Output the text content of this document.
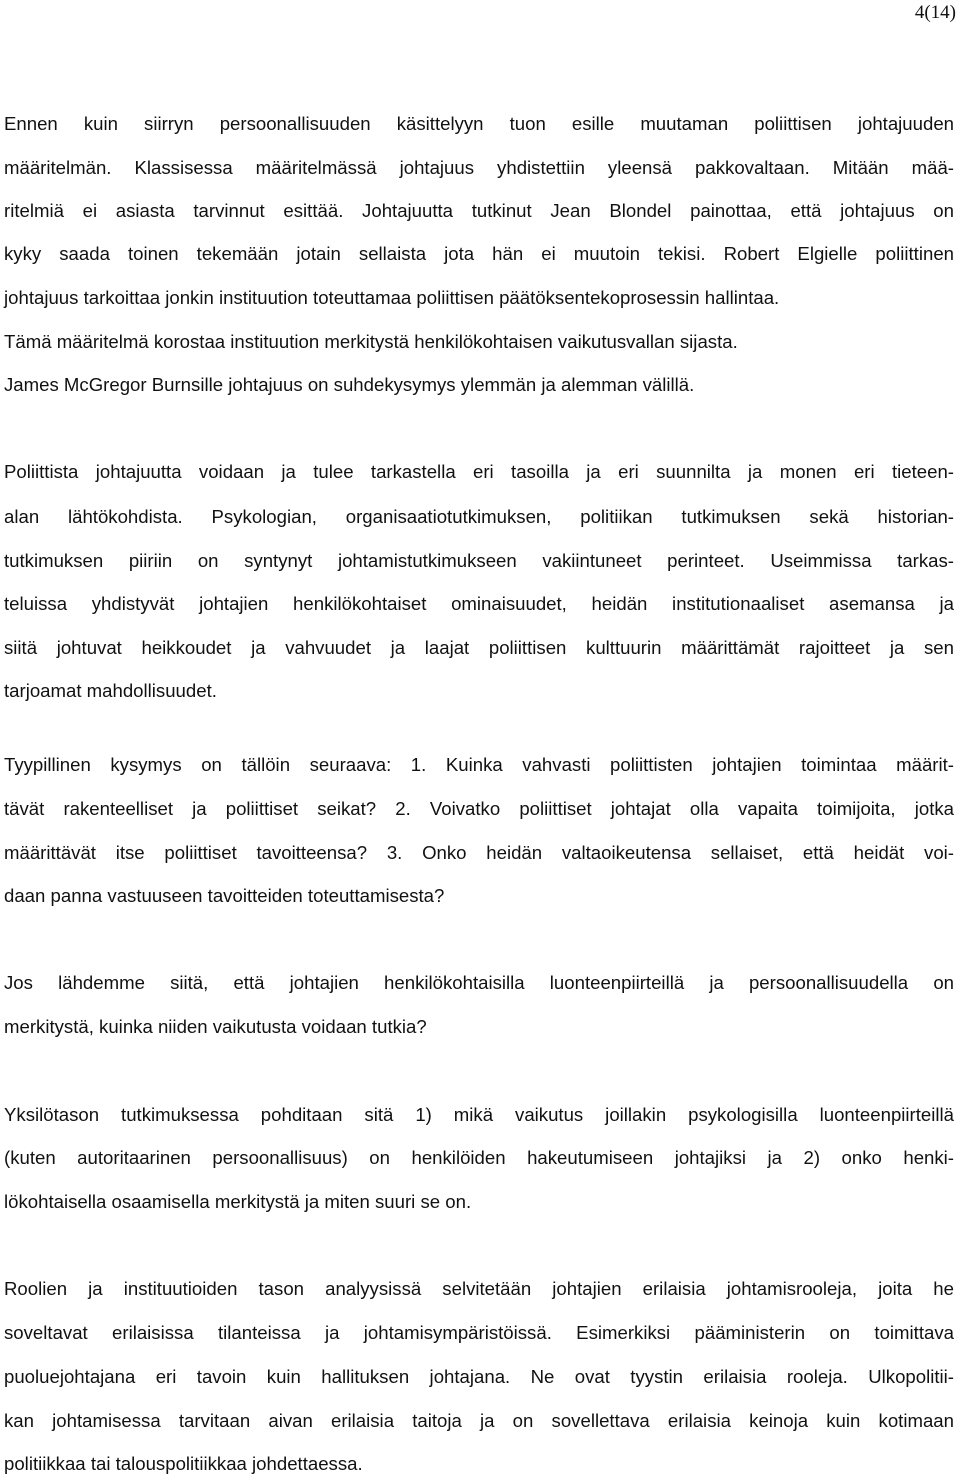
4(14)
Ennen kuin siirryn persoonallisuuden käsittelyyn tuon esille muutaman poliittisen johtajuuden
määritelmän. Klassisessa määritelmässä johtajuus yhdistettiin yleensä pakkovaltaan. Mitään mää-
ritelmiä ei asiasta tarvinnut esittää. Johtajuutta tutkinut Jean Blondel painottaa, että johtajuus on
kyky saada toinen tekemään jotain sellaista jota hän ei muutoin tekisi. Robert Elgielle poliittinen
johtajuus tarkoittaa jonkin instituution toteuttamaa poliittisen päätöksentekoprosessin hallintaa.
Tämä määritelmä korostaa instituution merkitystä henkilökohtaisen vaikutusvallan sijasta.
James McGregor Burnsille johtajuus on suhdekysymys ylemmän ja alemman välillä.
Poliittista johtajuutta voidaan ja tulee tarkastella eri tasoilla ja eri suunnilta ja monen eri tieteen-
alan lähtökohdista. Psykologian, organisaatiotutkimuksen, politiikan tutkimuksen sekä historian-
tutkimuksen piiriin on syntynyt johtamistutkimukseen vakiintuneet perinteet. Useimmissa tarkas-
teluissa yhdistyvät johtajien henkilökohtaiset ominaisuudet, heidän institutionaaliset asemansa ja
siitä johtuvat heikkoudet ja vahvuudet ja laajat poliittisen kulttuurin määrittämät rajoitteet ja sen
tarjoamat mahdollisuudet.
Tyypillinen kysymys on tällöin seuraava: 1. Kuinka vahvasti poliittisten johtajien toimintaa määrit-
tävät rakenteelliset ja poliittiset seikat? 2. Voivatko poliittiset johtajat olla vapaita toimijoita, jotka
määrittävät itse poliittiset tavoitteensa? 3. Onko heidän valtaoikeutensa sellaiset, että heidät voi-
daan panna vastuuseen tavoitteiden toteuttamisesta?
Jos lähdemme siitä, että johtajien henkilökohtaisilla luonteenpiirteillä ja persoonallisuudella on
merkitystä, kuinka niiden vaikutusta voidaan tutkia?
Yksilötason tutkimuksessa pohditaan sitä 1) mikä vaikutus joillakin psykologisilla luonteenpiirteillä
(kuten autoritaarinen persoonallisuus) on henkilöiden hakeutumiseen johtajiksi ja 2) onko henki-
lökohtaisella osaamisella merkitystä ja miten suuri se on.
Roolien ja instituutioiden tason analyysissä selvitetään johtajien erilaisia johtamisrooleja, joita he
soveltavat erilaisissa tilanteissa ja johtamisympäristöissä. Esimerkiksi pääministerin on toimittava
puoluejohtajana eri tavoin kuin hallituksen johtajana. Ne ovat tyystin erilaisia rooleja. Ulkopolitii-
kan johtamisessa tarvitaan aivan erilaisia taitoja ja on sovellettava erilaisia keinoja kuin kotimaan
politiikkaa tai talouspolitiikkaa johdettaessa.
